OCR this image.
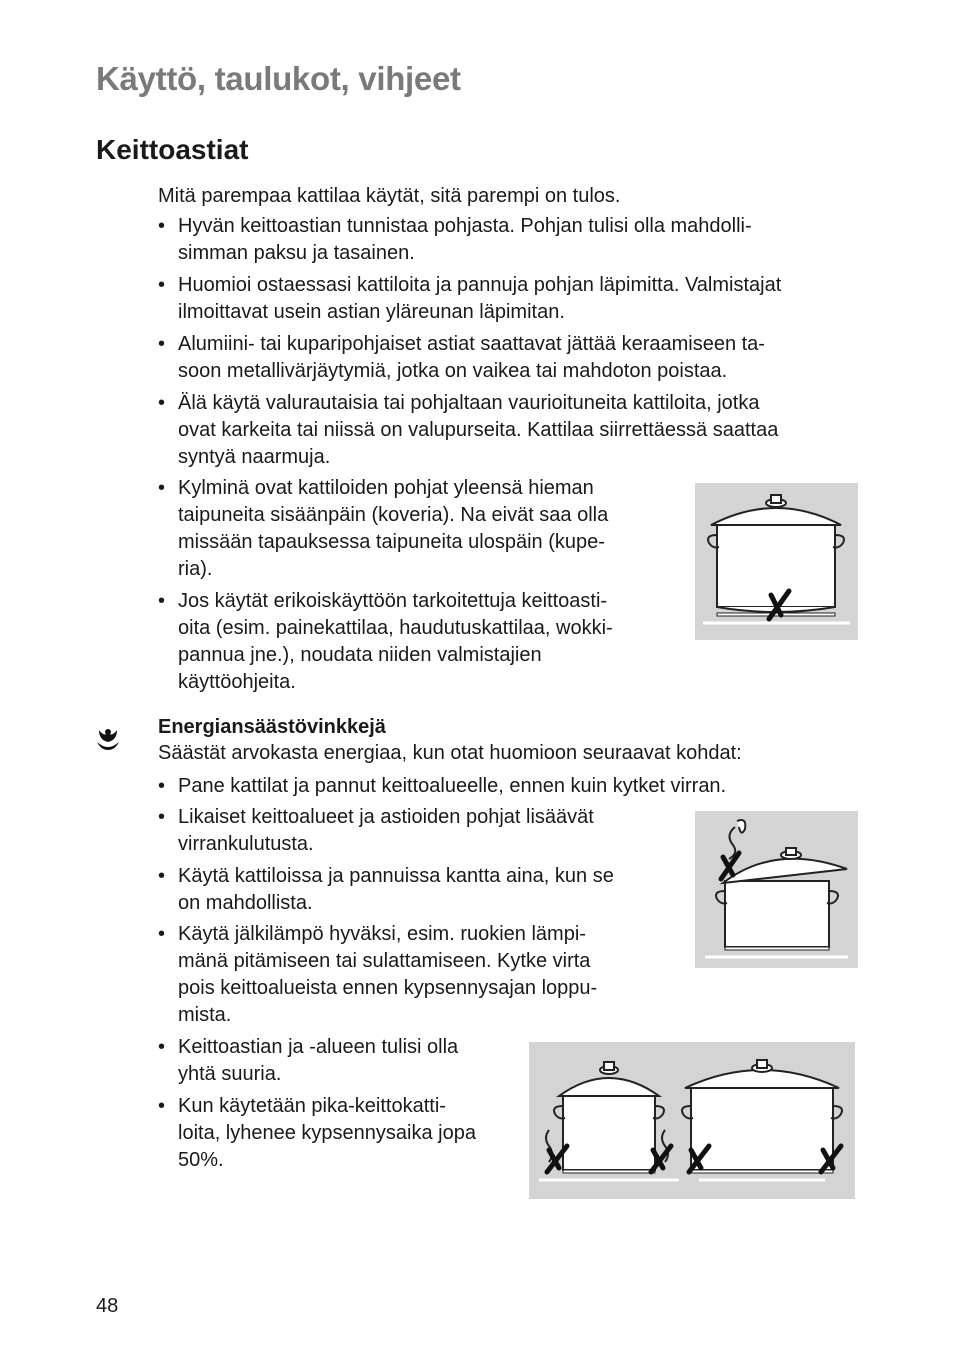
Käyttö, taulukot, vihjeet
Keittoastiat

Mitä parempaa kattilaa käytät, sitä parempi on tulos.

• Hyvän keittoastian tunnistaa pohjasta. Pohjan tulisi olla mahdolli-
simman paksu ja tasainen.
• Huomioi ostaessasi kattiloita ja pannuja pohjan läpimitta. Valmistajat
ilmoittavat usein astian yläreunan läpimitan.
• Alumiini- tai kuparipohjaiset astiat saattavat jättää keraamiseen ta-
soon metallivärjäytymiä, jotka on vaikea tai mahdoton poistaa.
• Älä käytä valurautaisia tai pohjaltaan vaurioituneita kattiloita, jotka
ovat karkeita tai niissä on valupurseita. Kattilaa siirrettäessä saattaa
syntyä naarmuja.
• Kylminä ovat kattiloiden pohjat yleensä hieman
taipuneita sisäänpäin (koveria). Na eivät saa olla
missään tapauksessa taipuneita ulospäin (kupe-
ria).
• Jos käytät erikoiskäyttöön tarkoitettuja keittoasti-
oita (esim. painekattilaa, haudutuskattilaa, wokki-
pannua jne.), noudata niiden valmistajien
käyttöohjeita.

Energiansäästövinkkejä

Säästät arvokasta energiaa, kun otat huomioon seuraavat kohdat:

• Pane kattilat ja pannut keittoalueelle, ennen kuin kytket virran.
• Likaiset keittoalueet ja astioiden pohjat lisäävät
virrankulutusta.
• Käytä kattiloissa ja pannuissa kantta aina, kun se
on mahdollista.
• Käytä jälkilämpö hyväksi, esim. ruokien lämpi-
mänä pitämiseen tai sulattamiseen. Kytke virta
pois keittoalueista ennen kypsennysajan loppu-
mista.
• Keittoastian ja -alueen tulisi olla
yhtä suuria.
• Kun käytetään pika-keittokatti-
loita, lyhenee kypsennysaika jopa
50%.
48
